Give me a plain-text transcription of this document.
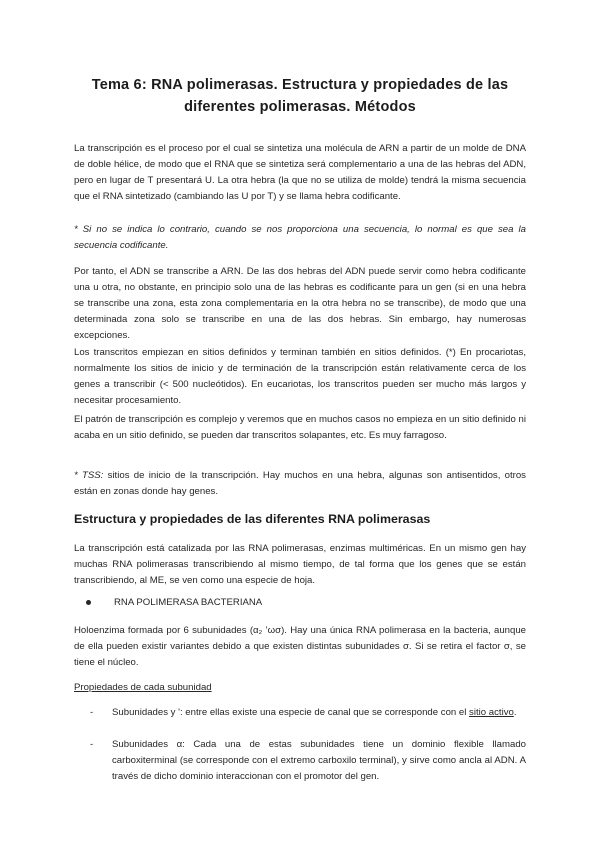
Tema 6: RNA polimerasas. Estructura y propiedades de las diferentes polimerasas. Métodos

La transcripción es el proceso por el cual se sintetiza una molécula de ARN a partir de un molde de DNA de doble hélice, de modo que el RNA que se sintetiza será complementario a una de las hebras del ADN, pero en lugar de T presentará U. La otra hebra (la que no se utiliza de molde) tendrá la misma secuencia que el RNA sintetizado (cambiando las U por T) y se llama hebra codificante.

* Si no se indica lo contrario, cuando se nos proporciona una secuencia, lo normal es que sea la secuencia codificante.

Por tanto, el ADN se transcribe a ARN. De las dos hebras del ADN puede servir como hebra codificante una u otra, no obstante, en principio solo una de las hebras es codificante para un gen (si en una hebra se transcribe una zona, esta zona complementaria en la otra hebra no se transcribe), de modo que una determinada zona solo se transcribe en una de las dos hebras. Sin embargo, hay numerosas excepciones.

Los transcritos empiezan en sitios definidos y terminan también en sitios definidos. (*) En procariotas, normalmente los sitios de inicio y de terminación de la transcripción están relativamente cerca de los genes a transcribir (< 500 nucleótidos). En eucariotas, los transcritos pueden ser mucho más largos y necesitar procesamiento.

El patrón de transcripción es complejo y veremos que en muchos casos no empieza en un sitio definido ni acaba en un sitio definido, se pueden dar transcritos solapantes, etc. Es muy farragoso.

* TSS: sitios de inicio de la transcripción. Hay muchos en una hebra, algunas son antisentidos, otros están en zonas donde hay genes.

Estructura y propiedades de las diferentes RNA polimerasas

La transcripción está catalizada por las RNA polimerasas, enzimas multiméricas. En un mismo gen hay muchas RNA polimerasas transcribiendo al mismo tiempo, de tal forma que los genes que se están transcribiendo, al ME, se ven como una especie de hoja.

RNA POLIMERASA BACTERIANA

Holoenzima formada por 6 subunidades (α₂ ’ωσ). Hay una única RNA polimerasa en la bacteria, aunque de ella pueden existir variantes debido a que existen distintas subunidades σ. Si se retira el factor σ, se tiene el núcleo.

Propiedades de cada subunidad
-	Subunidades y ': entre ellas existe una especie de canal que se corresponde con el sitio activo.
-	Subunidades α: Cada una de estas subunidades tiene un dominio flexible llamado carboxiterminal (se corresponde con el extremo carboxilo terminal), y sirve como ancla al ADN. A través de dicho dominio interaccionan con el promotor del gen.
